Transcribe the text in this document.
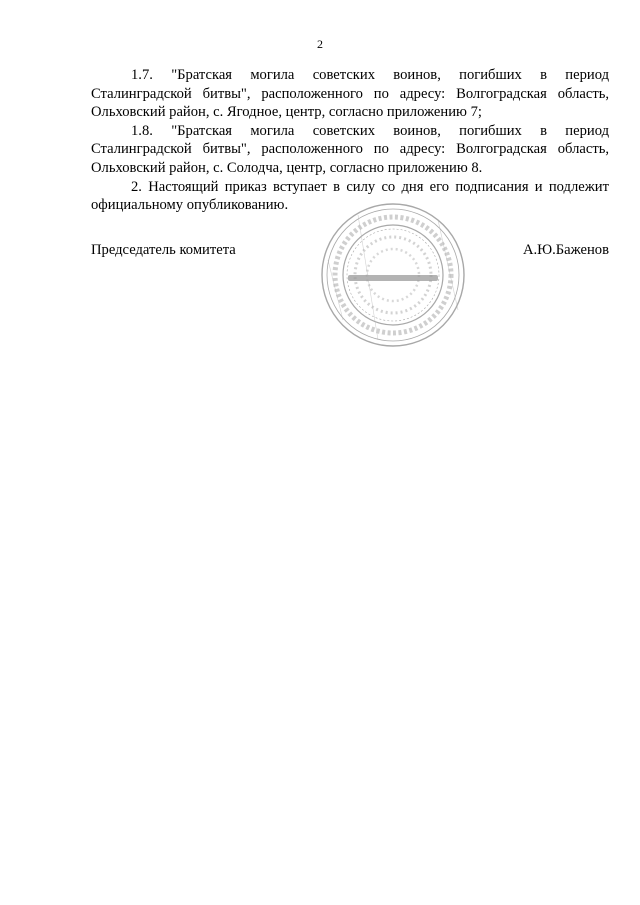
2

1.7. "Братская могила советских воинов, погибших в период Сталинградской битвы", расположенного по адресу: Волгоградская область, Ольховский район, с. Ягодное, центр, согласно приложению 7;

1.8. "Братская могила советских воинов, погибших в период Сталинградской битвы", расположенного по адресу: Волгоградская область, Ольховский район, с. Солодча, центр, согласно приложению 8.

2. Настоящий приказ вступает в силу со дня его подписания и подлежит официальному опубликованию.

Председатель комитета	А.Ю.Баженов
